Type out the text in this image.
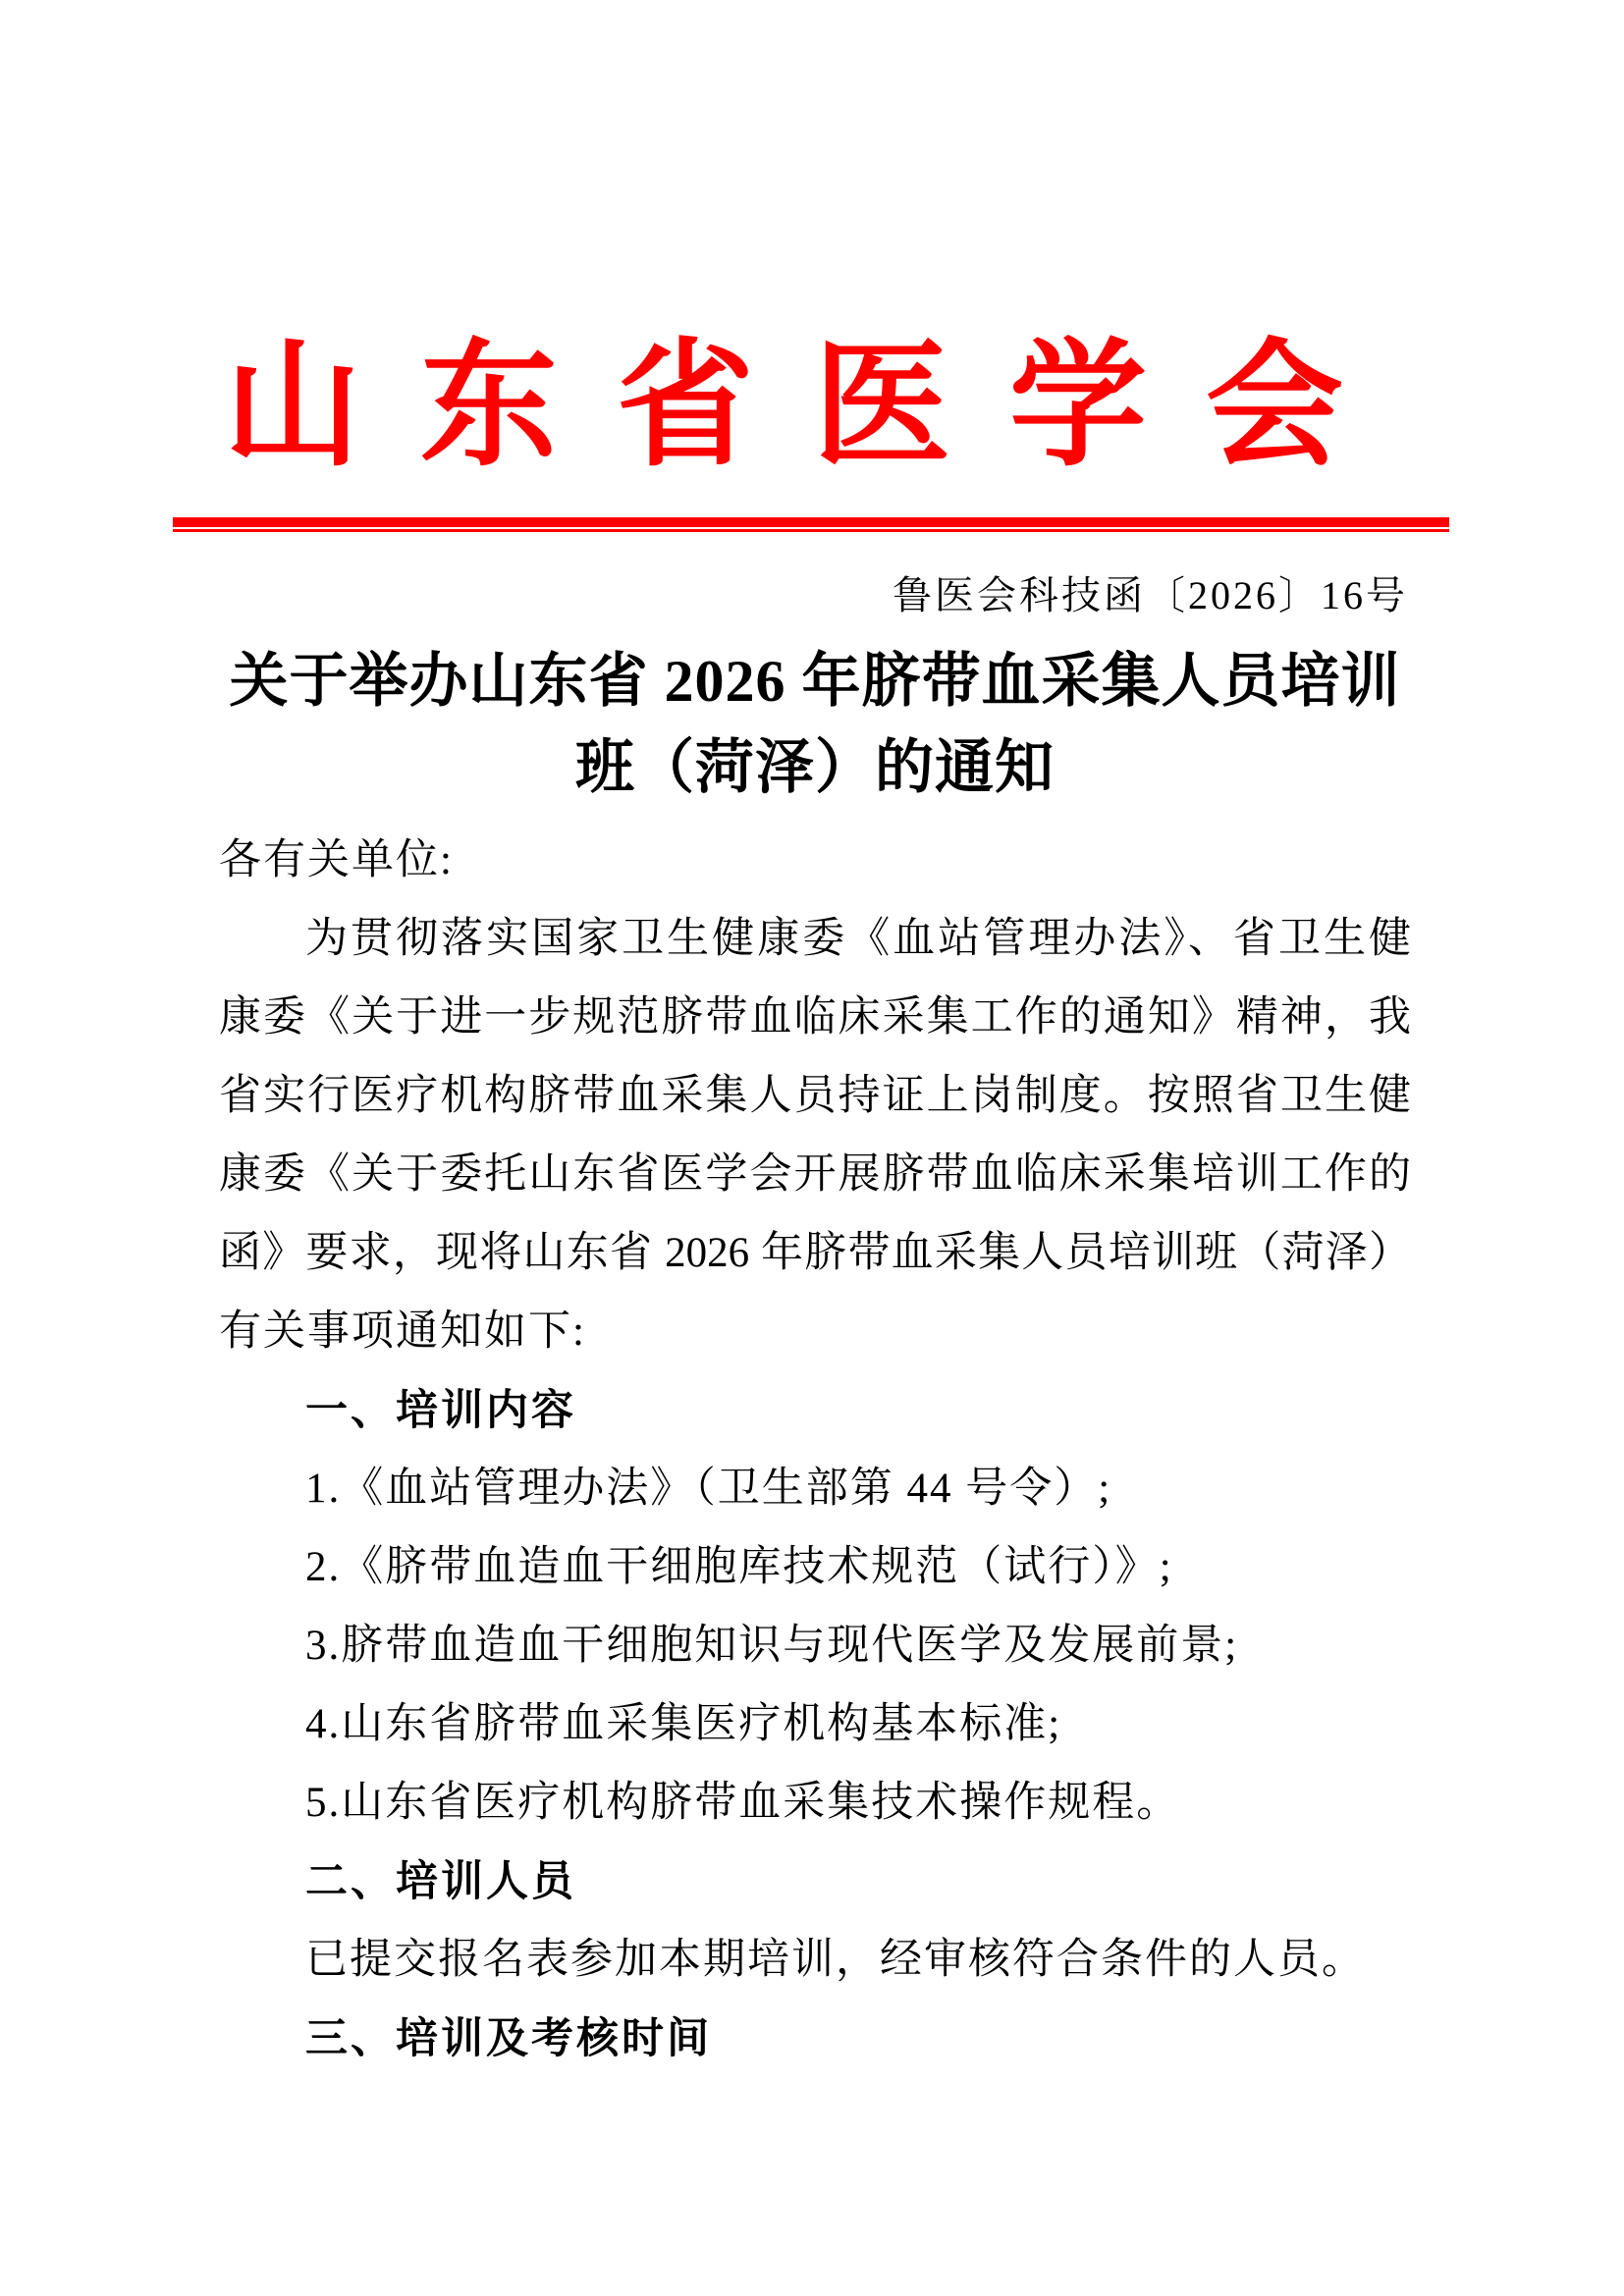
山东省医学会
鲁医会科技函〔2026〕16号
关于举办山东省 2026 年脐带血采集人员培训
班（菏泽）的通知
各有关单位:
为贯彻落实国家卫生健康委《血站管理办法》、省卫生健
康委《关于进一步规范脐带血临床采集工作的通知》精神，我
省实行医疗机构脐带血采集人员持证上岗制度。按照省卫生健
康委《关于委托山东省医学会开展脐带血临床采集培训工作的
函》要求，现将山东省 2026 年脐带血采集人员培训班（菏泽）
有关事项通知如下:
一、培训内容
1.《血站管理办法》（卫生部第 44 号令）;
2.《脐带血造血干细胞库技术规范（试行）》;
3.脐带血造血干细胞知识与现代医学及发展前景;
4.山东省脐带血采集医疗机构基本标准;
5.山东省医疗机构脐带血采集技术操作规程。
二、培训人员
已提交报名表参加本期培训，经审核符合条件的人员。
三、培训及考核时间
